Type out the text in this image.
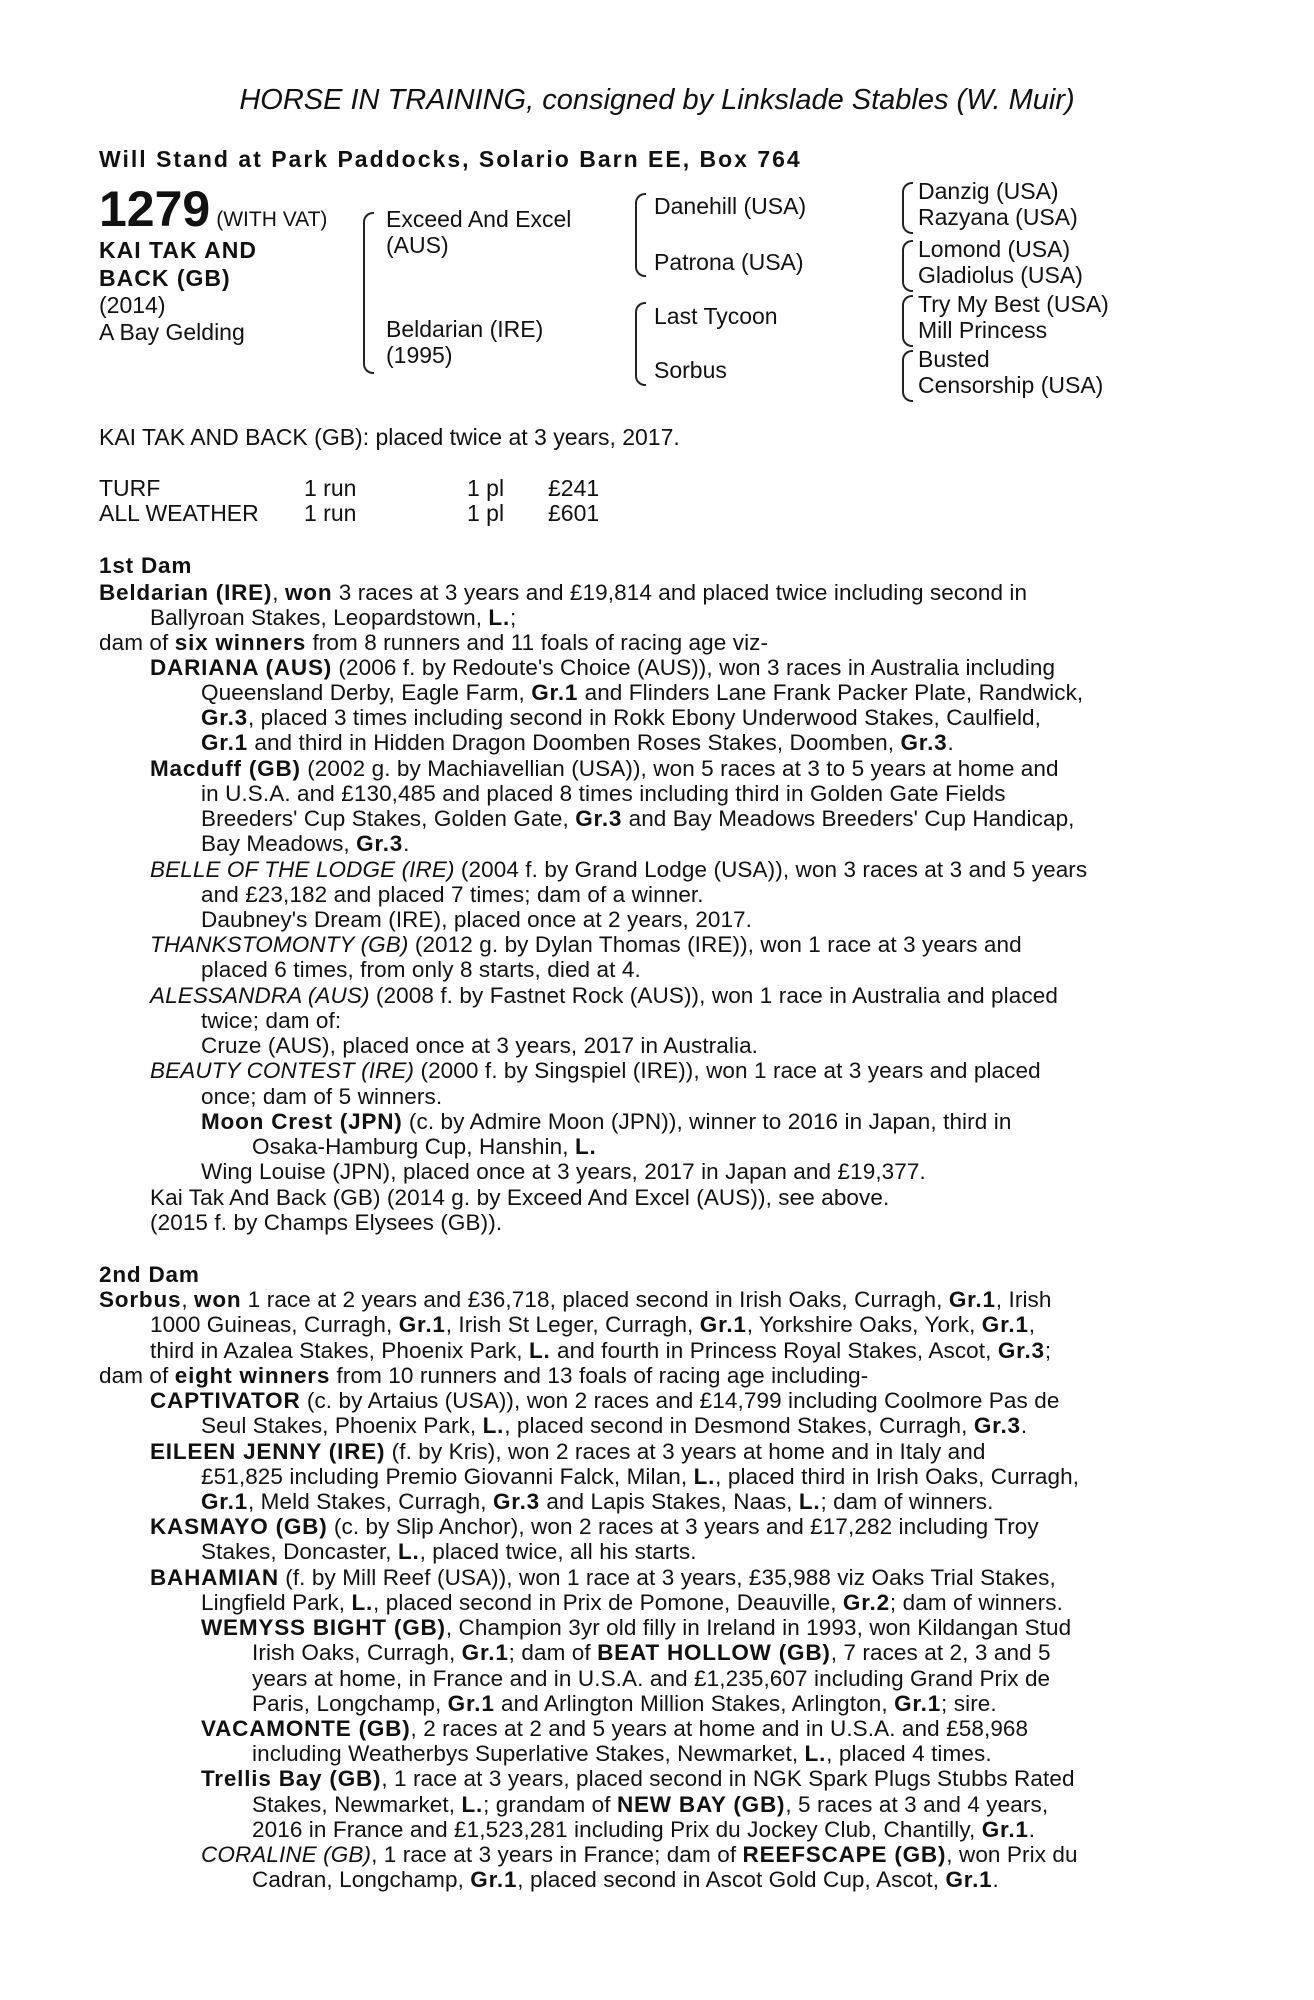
HORSE IN TRAINING, consigned by Linkslade Stables (W. Muir)
Will Stand at Park Paddocks, Solario Barn EE, Box 764
1279 (WITH VAT)
KAI TAK AND
BACK (GB)
(2014)
A Bay Gelding
Exceed And Excel
(AUS)
Beldarian (IRE)
(1995)
Danehill (USA)
Patrona (USA)
Last Tycoon
Sorbus
Danzig (USA)
Razyana (USA)
Lomond (USA)
Gladiolus (USA)
Try My Best (USA)
Mill Princess
Busted
Censorship (USA)
KAI TAK AND BACK (GB): placed twice at 3 years, 2017.
TURF
ALL WEATHER
1 run
1 run
1 pl
1 pl
£241
£601
1st Dam
Beldarian (IRE), won 3 races at 3 years and £19,814 and placed twice including second in
Ballyroan Stakes, Leopardstown, L.;
dam of six winners from 8 runners and 11 foals of racing age viz-
DARIANA (AUS) (2006 f. by Redoute's Choice (AUS)), won 3 races in Australia including
Queensland Derby, Eagle Farm, Gr.1 and Flinders Lane Frank Packer Plate, Randwick,
Gr.3, placed 3 times including second in Rokk Ebony Underwood Stakes, Caulfield,
Gr.1 and third in Hidden Dragon Doomben Roses Stakes, Doomben, Gr.3.
Macduff (GB) (2002 g. by Machiavellian (USA)), won 5 races at 3 to 5 years at home and
in U.S.A. and £130,485 and placed 8 times including third in Golden Gate Fields
Breeders' Cup Stakes, Golden Gate, Gr.3 and Bay Meadows Breeders' Cup Handicap,
Bay Meadows, Gr.3.
BELLE OF THE LODGE (IRE) (2004 f. by Grand Lodge (USA)), won 3 races at 3 and 5 years
and £23,182 and placed 7 times; dam of a winner.
Daubney's Dream (IRE), placed once at 2 years, 2017.
THANKSTOMONTY (GB) (2012 g. by Dylan Thomas (IRE)), won 1 race at 3 years and
placed 6 times, from only 8 starts, died at 4.
ALESSANDRA (AUS) (2008 f. by Fastnet Rock (AUS)), won 1 race in Australia and placed
twice; dam of:
Cruze (AUS), placed once at 3 years, 2017 in Australia.
BEAUTY CONTEST (IRE) (2000 f. by Singspiel (IRE)), won 1 race at 3 years and placed
once; dam of 5 winners.
Moon Crest (JPN) (c. by Admire Moon (JPN)), winner to 2016 in Japan, third in
Osaka-Hamburg Cup, Hanshin, L.
Wing Louise (JPN), placed once at 3 years, 2017 in Japan and £19,377.
Kai Tak And Back (GB) (2014 g. by Exceed And Excel (AUS)), see above.
(2015 f. by Champs Elysees (GB)).
2nd Dam
Sorbus, won 1 race at 2 years and £36,718, placed second in Irish Oaks, Curragh, Gr.1, Irish
1000 Guineas, Curragh, Gr.1, Irish St Leger, Curragh, Gr.1, Yorkshire Oaks, York, Gr.1,
third in Azalea Stakes, Phoenix Park, L. and fourth in Princess Royal Stakes, Ascot, Gr.3;
dam of eight winners from 10 runners and 13 foals of racing age including-
CAPTIVATOR (c. by Artaius (USA)), won 2 races and £14,799 including Coolmore Pas de
Seul Stakes, Phoenix Park, L., placed second in Desmond Stakes, Curragh, Gr.3.
EILEEN JENNY (IRE) (f. by Kris), won 2 races at 3 years at home and in Italy and
£51,825 including Premio Giovanni Falck, Milan, L., placed third in Irish Oaks, Curragh,
Gr.1, Meld Stakes, Curragh, Gr.3 and Lapis Stakes, Naas, L.; dam of winners.
KASMAYO (GB) (c. by Slip Anchor), won 2 races at 3 years and £17,282 including Troy
Stakes, Doncaster, L., placed twice, all his starts.
BAHAMIAN (f. by Mill Reef (USA)), won 1 race at 3 years, £35,988 viz Oaks Trial Stakes,
Lingfield Park, L., placed second in Prix de Pomone, Deauville, Gr.2; dam of winners.
WEMYSS BIGHT (GB), Champion 3yr old filly in Ireland in 1993, won Kildangan Stud
Irish Oaks, Curragh, Gr.1; dam of BEAT HOLLOW (GB), 7 races at 2, 3 and 5
years at home, in France and in U.S.A. and £1,235,607 including Grand Prix de
Paris, Longchamp, Gr.1 and Arlington Million Stakes, Arlington, Gr.1; sire.
VACAMONTE (GB), 2 races at 2 and 5 years at home and in U.S.A. and £58,968
including Weatherbys Superlative Stakes, Newmarket, L., placed 4 times.
Trellis Bay (GB), 1 race at 3 years, placed second in NGK Spark Plugs Stubbs Rated
Stakes, Newmarket, L.; grandam of NEW BAY (GB), 5 races at 3 and 4 years,
2016 in France and £1,523,281 including Prix du Jockey Club, Chantilly, Gr.1.
CORALINE (GB), 1 race at 3 years in France; dam of REEFSCAPE (GB), won Prix du
Cadran, Longchamp, Gr.1, placed second in Ascot Gold Cup, Ascot, Gr.1.
